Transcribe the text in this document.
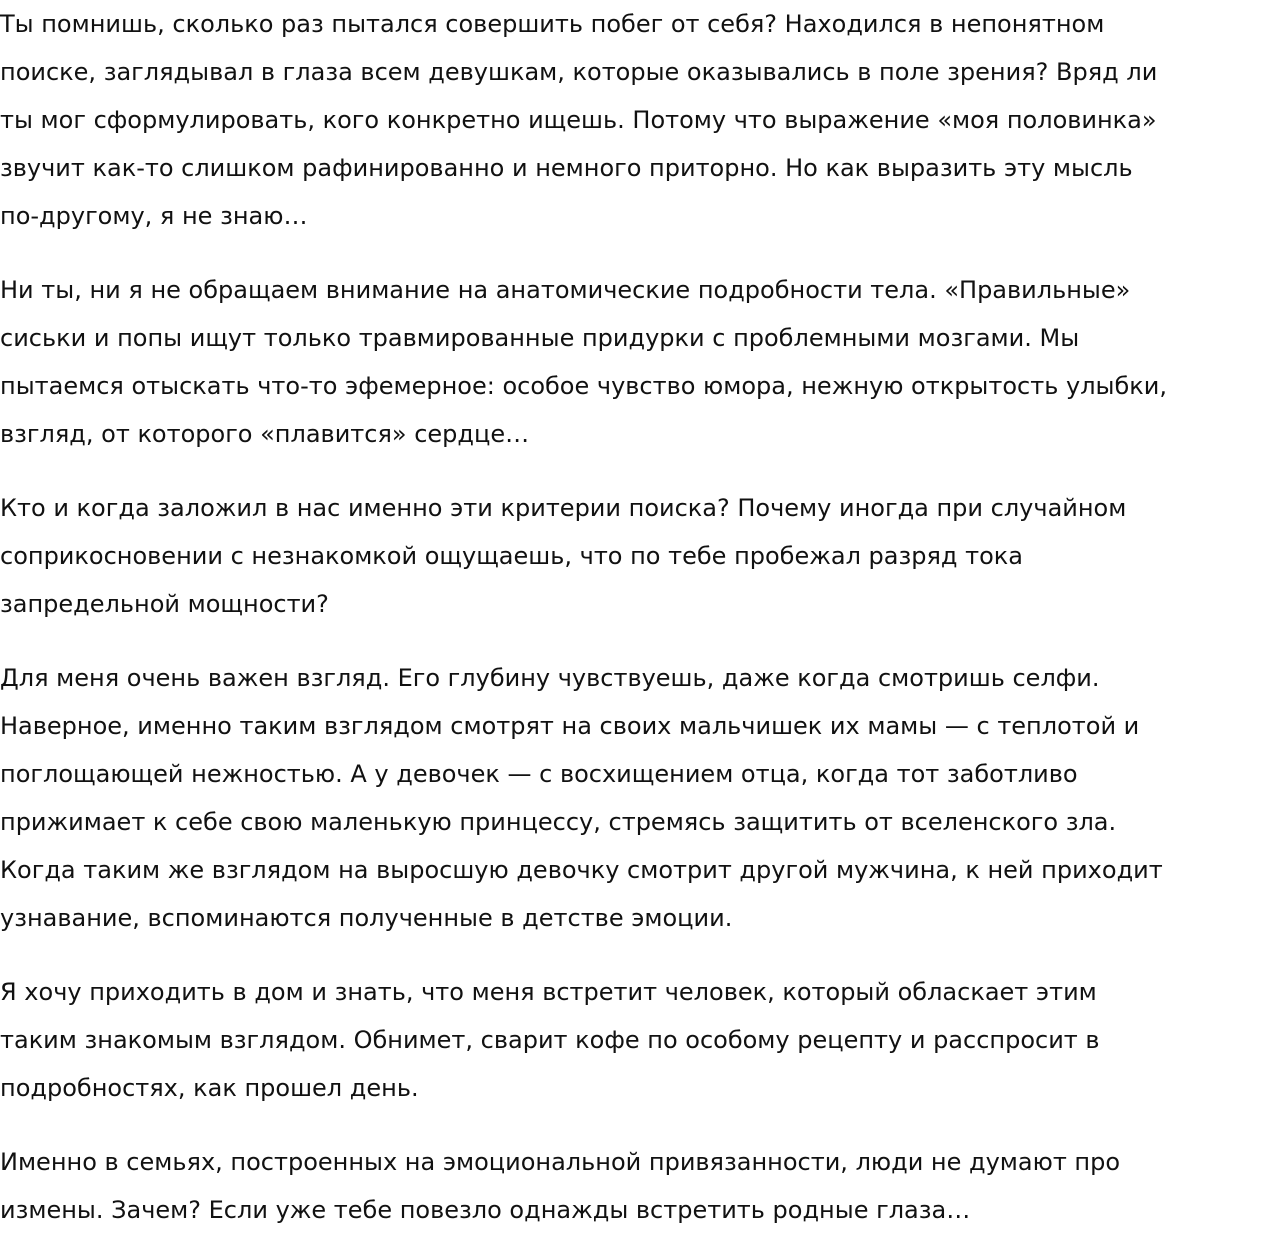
Ты помнишь, сколько раз пытался совершить побег от себя? Находился в непонятном
поиске, заглядывал в глаза всем девушкам, которые оказывались в поле зрения? Вряд ли
ты мог сформулировать, кого конкретно ищешь. Потому что выражение «моя половинка»
звучит как-то слишком рафинированно и немного приторно. Но как выразить эту мысль
по-другому, я не знаю…

Ни ты, ни я не обращаем внимание на анатомические подробности тела. «Правильные»
сиськи и попы ищут только травмированные придурки с проблемными мозгами. Мы
пытаемся отыскать что-то эфемерное: особое чувство юмора, нежную открытость улыбки,
взгляд, от которого «плавится» сердце…

Кто и когда заложил в нас именно эти критерии поиска? Почему иногда при случайном
соприкосновении с незнакомкой ощущаешь, что по тебе пробежал разряд тока
запредельной мощности?

Для меня очень важен взгляд. Его глубину чувствуешь, даже когда смотришь селфи.
Наверное, именно таким взглядом смотрят на своих мальчишек их мамы — с теплотой и
поглощающей нежностью. А у девочек — с восхищением отца, когда тот заботливо
прижимает к себе свою маленькую принцессу, стремясь защитить от вселенского зла.
Когда таким же взглядом на выросшую девочку смотрит другой мужчина, к ней приходит
узнавание, вспоминаются полученные в детстве эмоции.

Я хочу приходить в дом и знать, что меня встретит человек, который обласкает этим
таким знакомым взглядом. Обнимет, сварит кофе по особому рецепту и расспросит в
подробностях, как прошел день.

Именно в семьях, построенных на эмоциональной привязанности, люди не думают про
измены. Зачем? Если уже тебе повезло однажды встретить родные глаза…
